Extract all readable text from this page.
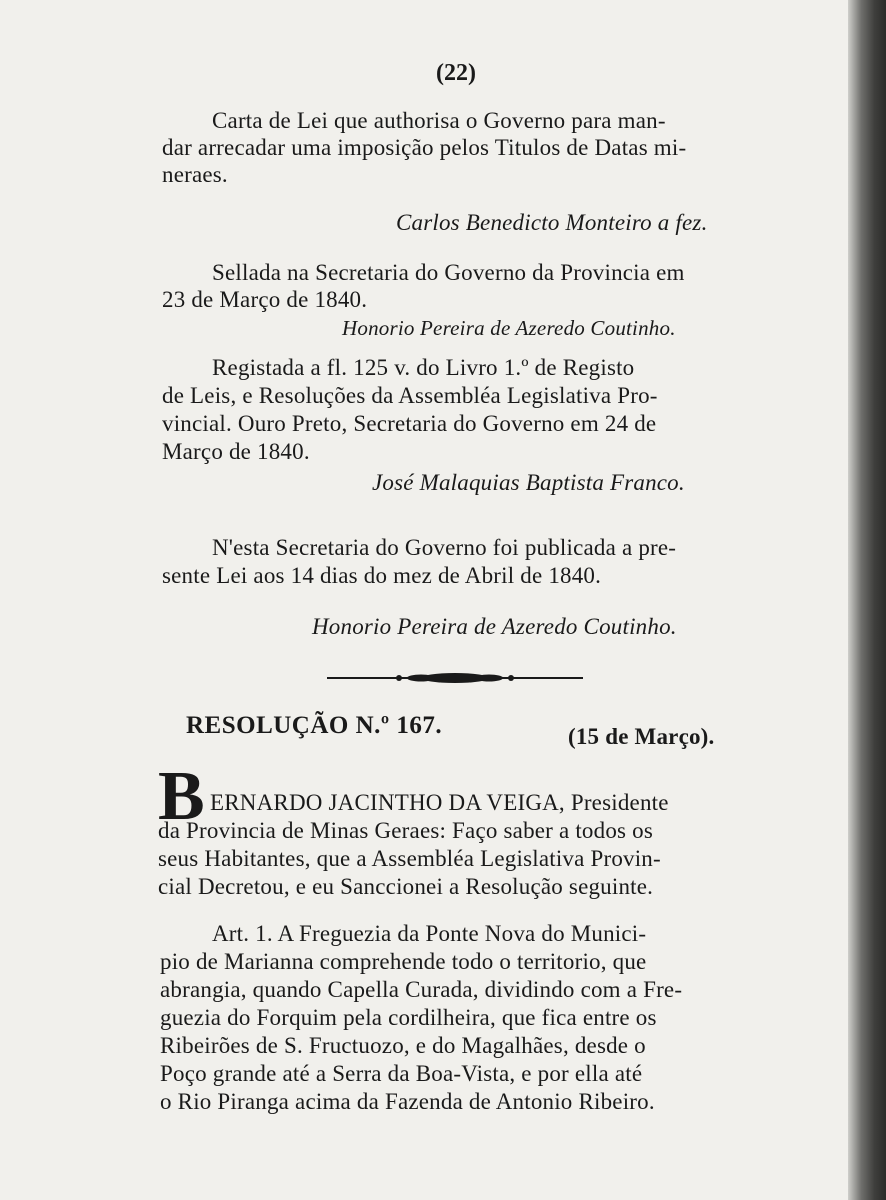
(22)
Carta de Lei que authorisa o Governo para man-
dar arrecadar uma imposição pelos Titulos de Datas mi-
neraes.
Carlos Benedicto Monteiro a fez.
Sellada na Secretaria do Governo da Provincia em
23 de Março de 1840.
Honorio Pereira de Azeredo Coutinho.
Registada a fl. 125 v. do Livro 1.º de Registo
de Leis, e Resoluções da Assembléa Legislativa Pro-
vincial. Ouro Preto, Secretaria do Governo em 24 de
Março de 1840.
José Malaquias Baptista Franco.
N'esta Secretaria do Governo foi publicada a pre-
sente Lei aos 14 dias do mez de Abril de 1840.
Honorio Pereira de Azeredo Coutinho.
RESOLUÇÃO N.º 167.	(15 de Março).
B ERNARDO JACINTHO DA VEIGA, Presidente
da Provincia de Minas Geraes: Faço saber a todos os
seus Habitantes, que a Assembléa Legislativa Provin-
cial Decretou, e eu Sanccionei a Resolução seguinte.
Art. 1. A Freguezia da Ponte Nova do Munici-
pio de Marianna comprehende todo o territorio, que
abrangia, quando Capella Curada, dividindo com a Fre-
guezia do Forquim pela cordilheira, que fica entre os
Ribeirões de S. Fructuozo, e do Magalhães, desde o
Poço grande até a Serra da Boa-Vista, e por ella até
o Rio Piranga acima da Fazenda de Antonio Ribeiro.
